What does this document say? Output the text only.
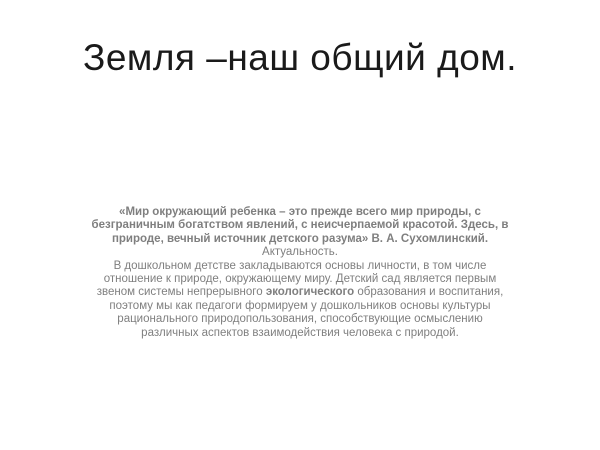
Земля –наш общий дом.

«Мир окружающий ребенка – это прежде всего мир природы, с безграничным богатством явлений, с неисчерпаемой красотой. Здесь, в природе, вечный источник детского разума» В. А. Сухомлинский.

Актуальность.

В дошкольном детстве закладываются основы личности, в том числе отношение к природе, окружающему миру. Детский сад является первым звеном системы непрерывного экологического образования и воспитания, поэтому мы как педагоги формируем у дошкольников основы культуры рационального природопользования, способствующие осмыслению различных аспектов взаимодействия человека с природой.
